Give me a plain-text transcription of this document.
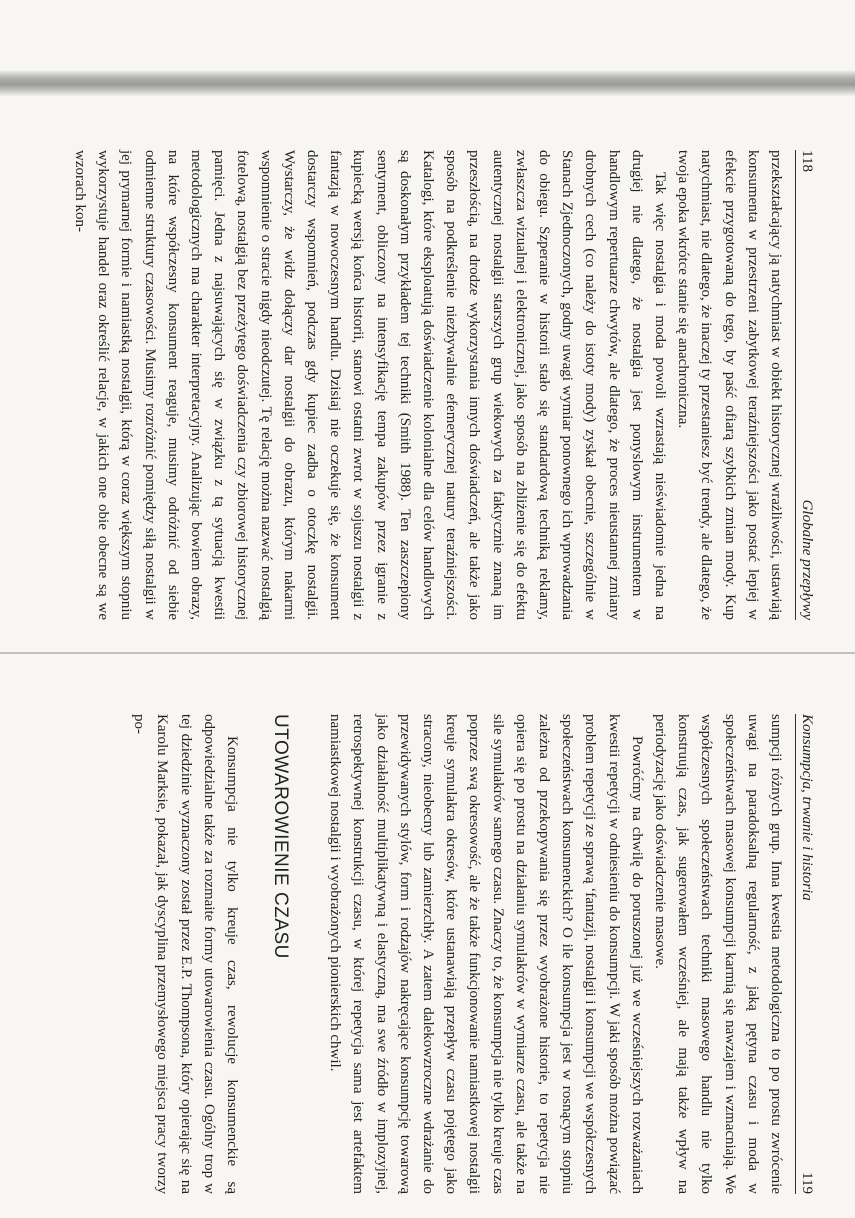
118
Globalne przepływy

przekształcający ją natychmiast w obiekt historycznej wrażliwości, ustawiają konsumenta w przestrzeni zabytkowej teraźniejszości jako postać lepiej w efekcie przygotowaną do tego, by paść ofiarą szybkich zmian mody. Kup natychmiast, nie dlatego, że inaczej ty przestaniesz być trendy, ale dlatego, że twoja epoka wkrótce stanie się anachroniczna.

Tak więc nostalgia i moda powoli wzrastają nieświadomie jedna na drugiej nie dlatego, że nostalgia jest ponyslowym instrumentem w handlowym repertuarze chwytów, ale dlatego, że proces nieustannej zmiany drobnych cech (co należy do istoty mody) zyskał obecnie, szczególnie w Stanach Zjednoczonych, godny uwagi wymiar ponownego ich wprowadzania do obiegu. Szperanie w historii stało się standardową techniką reklamy, zwłaszcza wizualnej i elektronicznej, jako sposób na zbliżenie się do efektu autentycznej nostalgii starszych grup wiekowych za faktycznie znaną im przeszłością, na drodze wykorzystania innych doświadczeń, ale także jako sposób na podkreślenie niezbywalnie efemerycznej natury teraźniejszości. Katalogi, które eksploatują doświadczenie kolonialne dla celów handlowych są doskonałym przykładem tej techniki (Smith 1988). Ten zaszczepiony sentyment, obliczony na intensyfikację tempa zakupów przez igranie z kupiecką wersją końca historii, stanowi ostatni zwrot w sojuszu nostalgii z fantazją w nowoczesnym handlu. Dzisiaj nie oczekuje się, że konsument dostarczy wspomnień, podczas gdy kupiec zadba o otoczkę nostalgii. Wystarczy, że widz dołączy dar nostalgii do obrazu, którym nakarmi wspomnienie o stracie nigdy nieodczutej. Tę relację można nazwać nostalgią fotelową, nostalgią bez przeżytego doświadczenia czy zbiorowej historycznej pamięci. Jedna z najsuwających się w związku z tą sytuacją kwestii metodologicznych ma charakter interpretacyjny. Analizując bowiem obrazy, na które współczesny konsument reaguje, musimy odróżnić od siebie odmienne struktury czasowości. Musimy rozróżnić pomiędzy siłą nostalgii w jej prymarnej formie i namiastką nostalgii, którą w coraz większym stopniu wykorzystuje handel oraz określić relacje, w jakich one obie obecne są we wzorach kon-

Konsumpcja, trwanie i historia
119

sumpcji różnych grup. Inna kwestia metodologiczna to po prostu zwrócenie uwagi na paradoksalną regularność, z jaką pętyna czasu i moda w społeczeństwach masowej konsumpcji karmią się nawzajem i wzmacniają. We współczesnych społeczeństwach techniki masowego handlu nie tylko konstruują czas, jak sugerowałem wcześniej, ale mają także wpływ na periodyzację jako doświadczenie masowe.

Powróćmy na chwilę do poruszonej już we wcześniejszych rozważaniach kwestii repetycji w odniesieniu do konsumpcji. W jaki sposób można powiązać problem repetycji ze sprawą ‘fantazji, nostalgii i konsumpcji we współczesnych społeczeństwach konsumenckich? O ile konsumpcja jest w rosnącym stopniu zależna od przekopywania się przez wyobrażone historie, to repetycja nie opiera się po prostu na działaniu symulakrów w wymiarze czasu, ale także na sile symulakrów samego czasu. Znaczy to, że konsumpcja nie tylko kreuje czas poprzez swą okresowość, ale że także funkcjonowanie namiastkowej nostalgii kreuje symulakra okresów, które ustanawiają przepływ czasu pojętego jako stracony, nieobecny lub zamierzchły. A zatem dalekowzroczne wdrażanie do przewidywanych stylów, form i rodzajów nakręcające konsumpcję towarową jako działalność multiplikatywną i elastyczną, ma swe źródło w implozyjnej, retrospektywnej konstrukcji czasu, w której repetycja sama jest artefaktem namiastkowej nostalgii i wyobrażonych pionierskich chwil.

UTOWAROWIENIE CZASU

Konsumpcja nie tylko kreuje czas, rewolucje konsumenckie są odpowiedzialne także za rozmaite formy utowarowienia czasu. Ogólny trop w tej dziedzinie wyznaczony został przez E.P. Thompsona, który opierając się na Karolu Marksie, pokazał, jak dyscyplina przemysłowego miejsca pracy tworzy po-
